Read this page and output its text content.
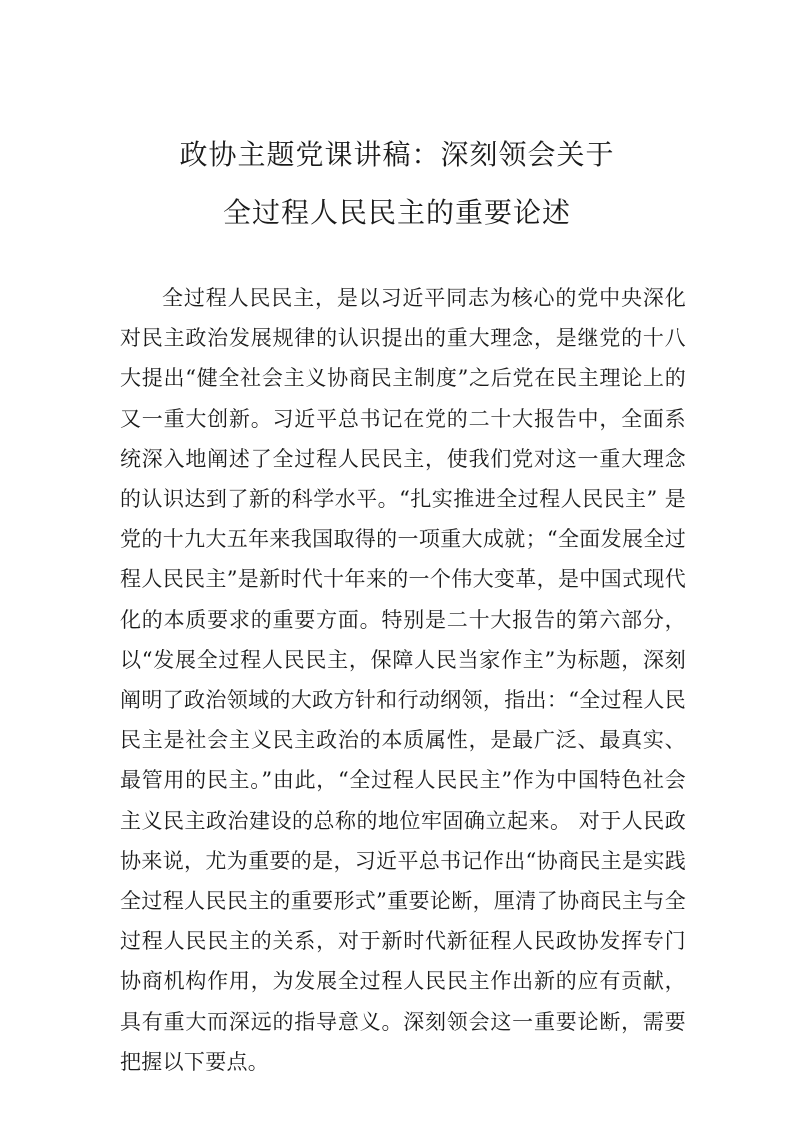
政协主题党课讲稿：深刻领会关于
全过程人民民主的重要论述

全过程人民民主，是以习近平同志为核心的党中央深化对民主政治发展规律的认识提出的重大理念，是继党的十八大提出“健全社会主义协商民主制度”之后党在民主理论上的又一重大创新。习近平总书记在党的二十大报告中，全面系统深入地阐述了全过程人民民主，使我们党对这一重大理念的认识达到了新的科学水平。“扎实推进全过程人民民主” 是党的十九大五年来我国取得的一项重大成就；“全面发展全过程人民民主”是新时代十年来的一个伟大变革，是中国式现代化的本质要求的重要方面。特别是二十大报告的第六部分，以“发展全过程人民民主，保障人民当家作主”为标题，深刻阐明了政治领域的大政方针和行动纲领，指出：“全过程人民民主是社会主义民主政治的本质属性，是最广泛、最真实、最管用的民主。”由此，“全过程人民民主”作为中国特色社会主义民主政治建设的总称的地位牢固确立起来。 对于人民政协来说，尤为重要的是，习近平总书记作出“协商民主是实践全过程人民民主的重要形式”重要论断，厘清了协商民主与全过程人民民主的关系，对于新时代新征程人民政协发挥专门协商机构作用，为发展全过程人民民主作出新的应有贡献，具有重大而深远的指导意义。深刻领会这一重要论断，需要把握以下要点。
